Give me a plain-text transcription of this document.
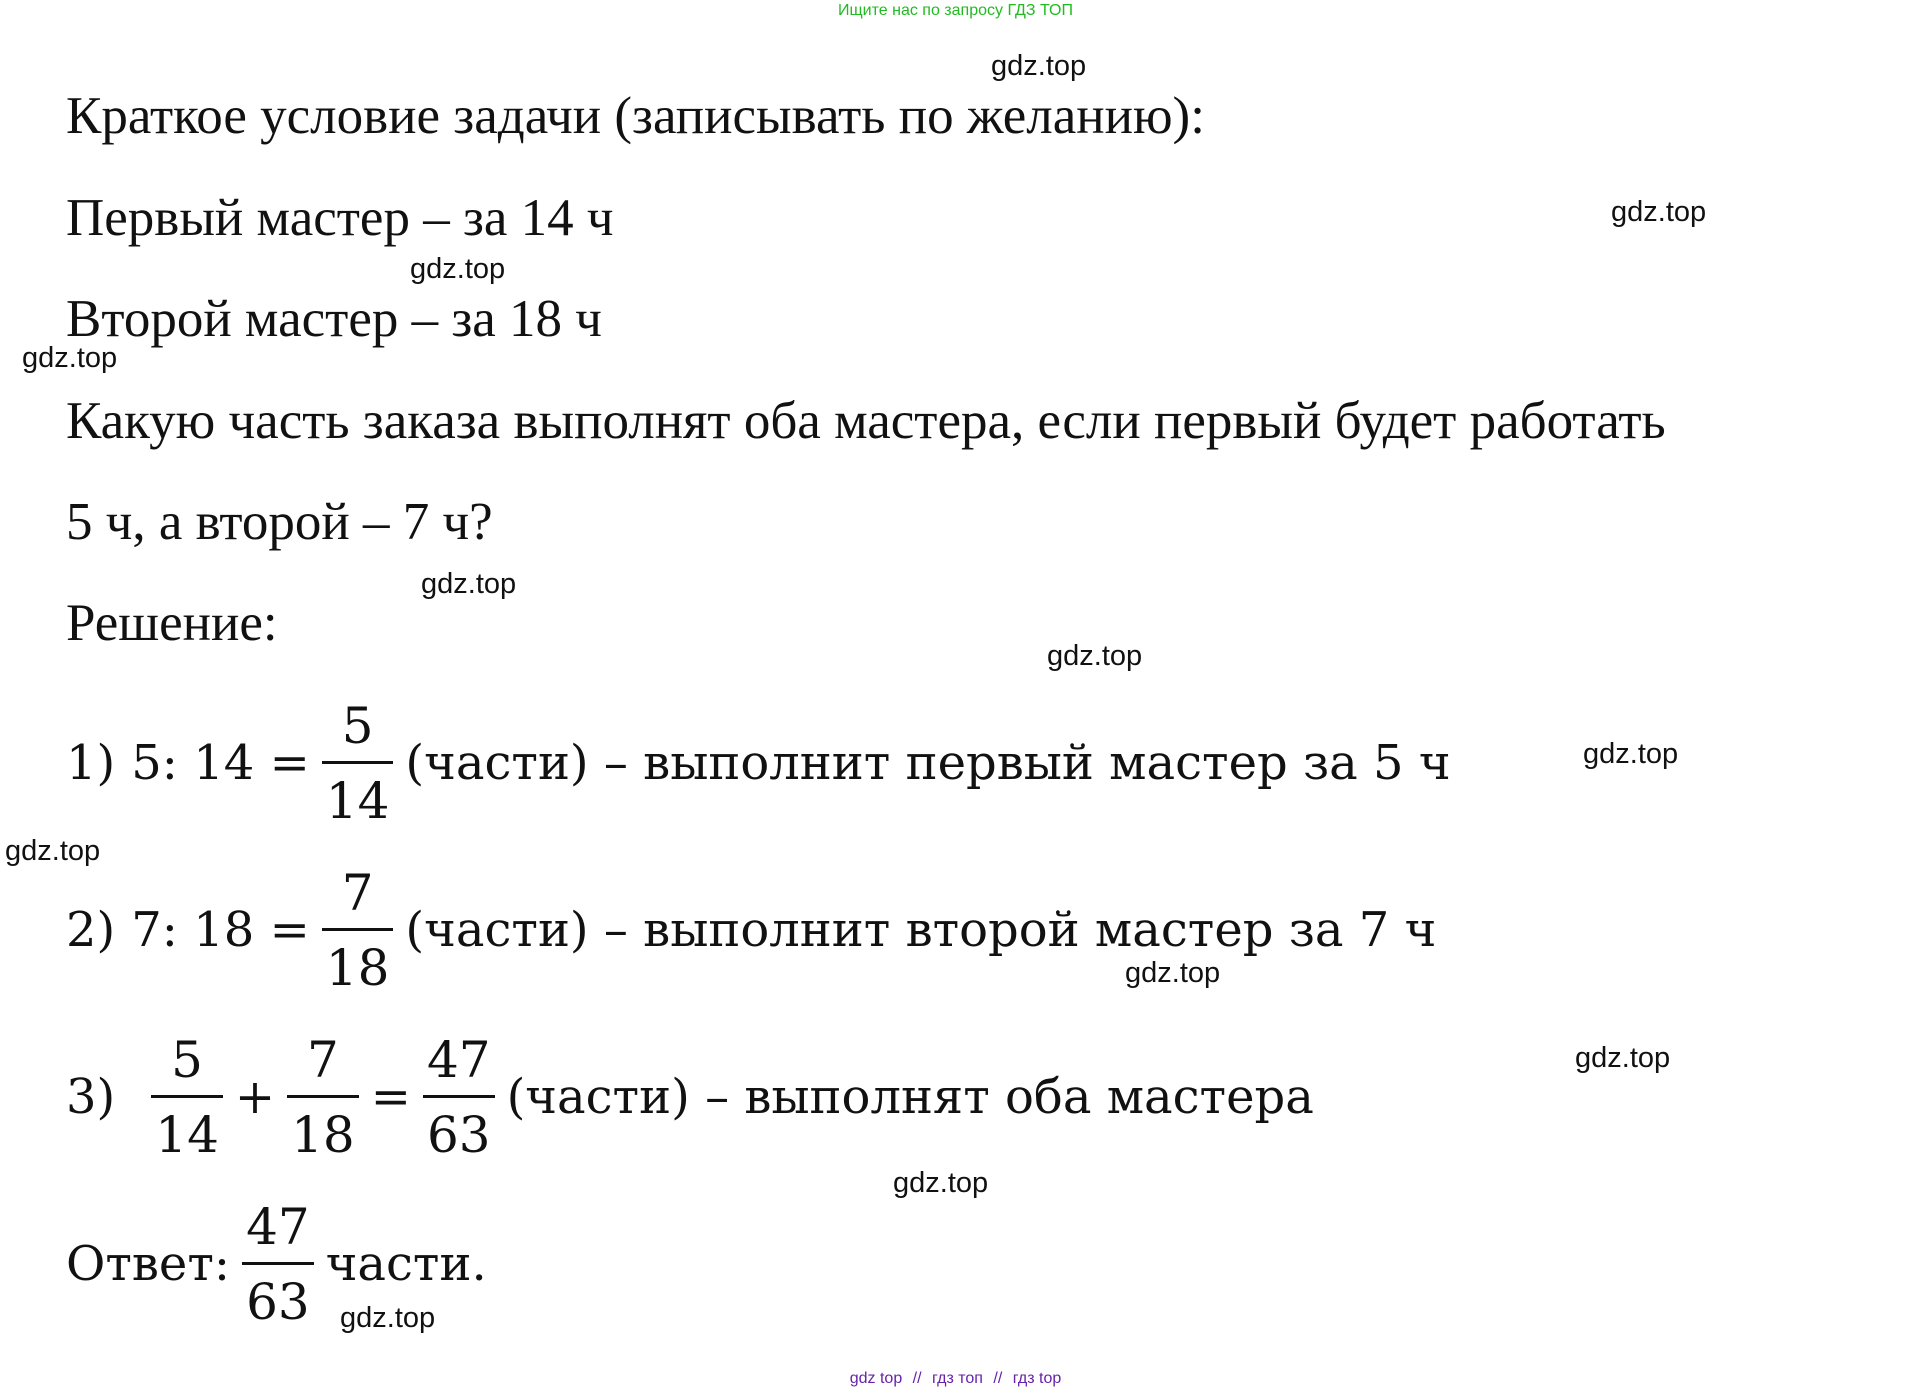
Ищите нас по запросу ГДЗ ТОП
Краткое условие задачи (записывать по желанию):
Первый мастер – за 14 ч
Второй мастер – за 18 ч
Какую часть заказа выполнят оба мастера, если первый будет работать
5 ч, а второй – 7 ч?
Решение:
1) 5: $14 = \frac{5}{14}$ (части) – выполнит первый мастер за 5 ч
2) 7: $18 = \frac{7}{18}$ (части) – выполнит второй мастер за 7 ч
$3) \frac{5}{14} + \frac{7}{18} = \frac{47}{63}$ (части) – выполнят оба мастера
Ответ: $\frac{47}{63}$ части.
gdz.top
gdz.top
gdz.top
gdz.top
gdz.top
gdz.top
gdz.top
gdz.top
gdz.top
gdz.top
gdz.top
gdz.top
gdz top // гдз топ // гдз top
